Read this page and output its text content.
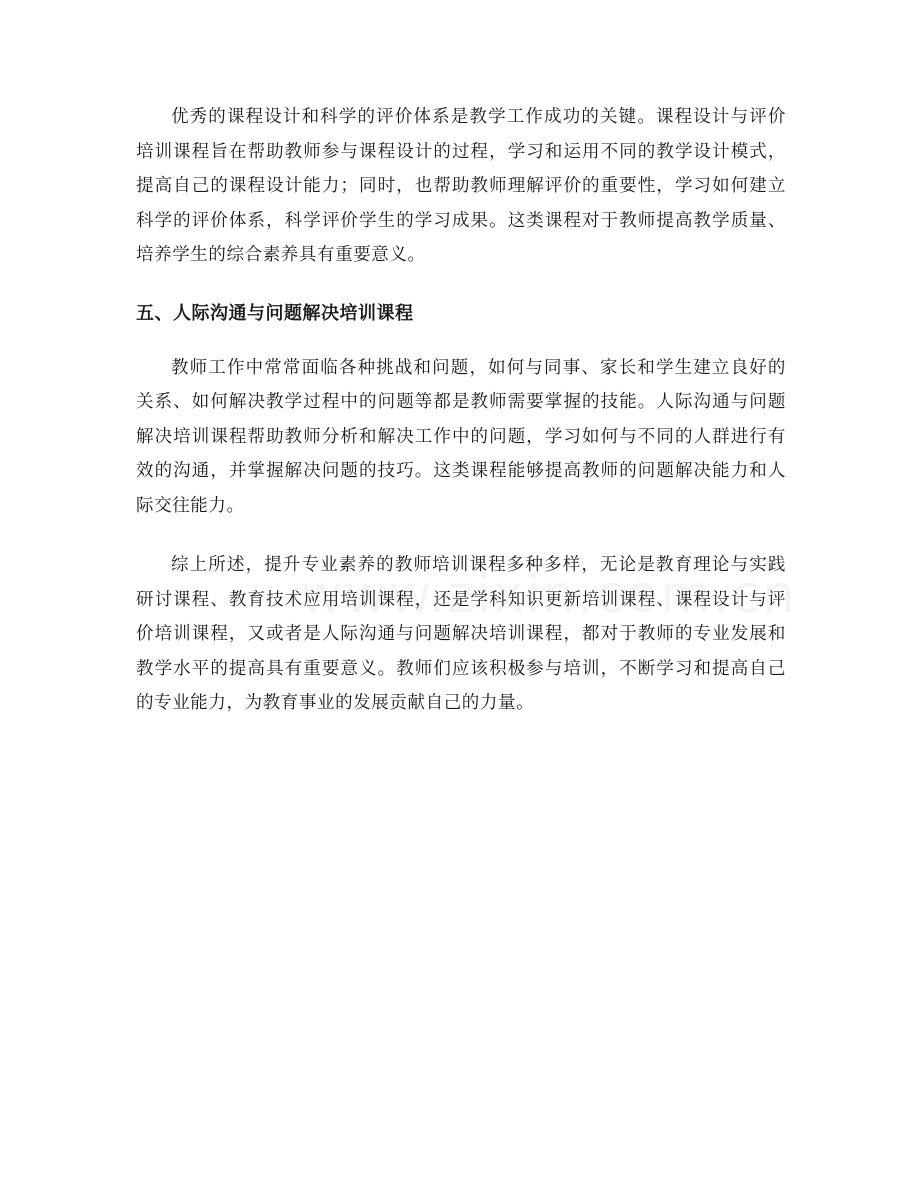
优秀的课程设计和科学的评价体系是教学工作成功的关键。课程设计与评价培训课程旨在帮助教师参与课程设计的过程，学习和运用不同的教学设计模式，提高自己的课程设计能力；同时，也帮助教师理解评价的重要性，学习如何建立科学的评价体系，科学评价学生的学习成果。这类课程对于教师提高教学质量、培养学生的综合素养具有重要意义。

五、人际沟通与问题解决培训课程

教师工作中常常面临各种挑战和问题，如何与同事、家长和学生建立良好的关系、如何解决教学过程中的问题等都是教师需要掌握的技能。人际沟通与问题解决培训课程帮助教师分析和解决工作中的问题，学习如何与不同的人群进行有效的沟通，并掌握解决问题的技巧。这类课程能够提高教师的问题解决能力和人际交往能力。

综上所述，提升专业素养的教师培训课程多种多样，无论是教育理论与实践研讨课程、教育技术应用培训课程，还是学科知识更新培训课程、课程设计与评价培训课程，又或者是人际沟通与问题解决培训课程，都对于教师的专业发展和教学水平的提高具有重要意义。教师们应该积极参与培训，不断学习和提高自己的专业能力，为教育事业的发展贡献自己的力量。
